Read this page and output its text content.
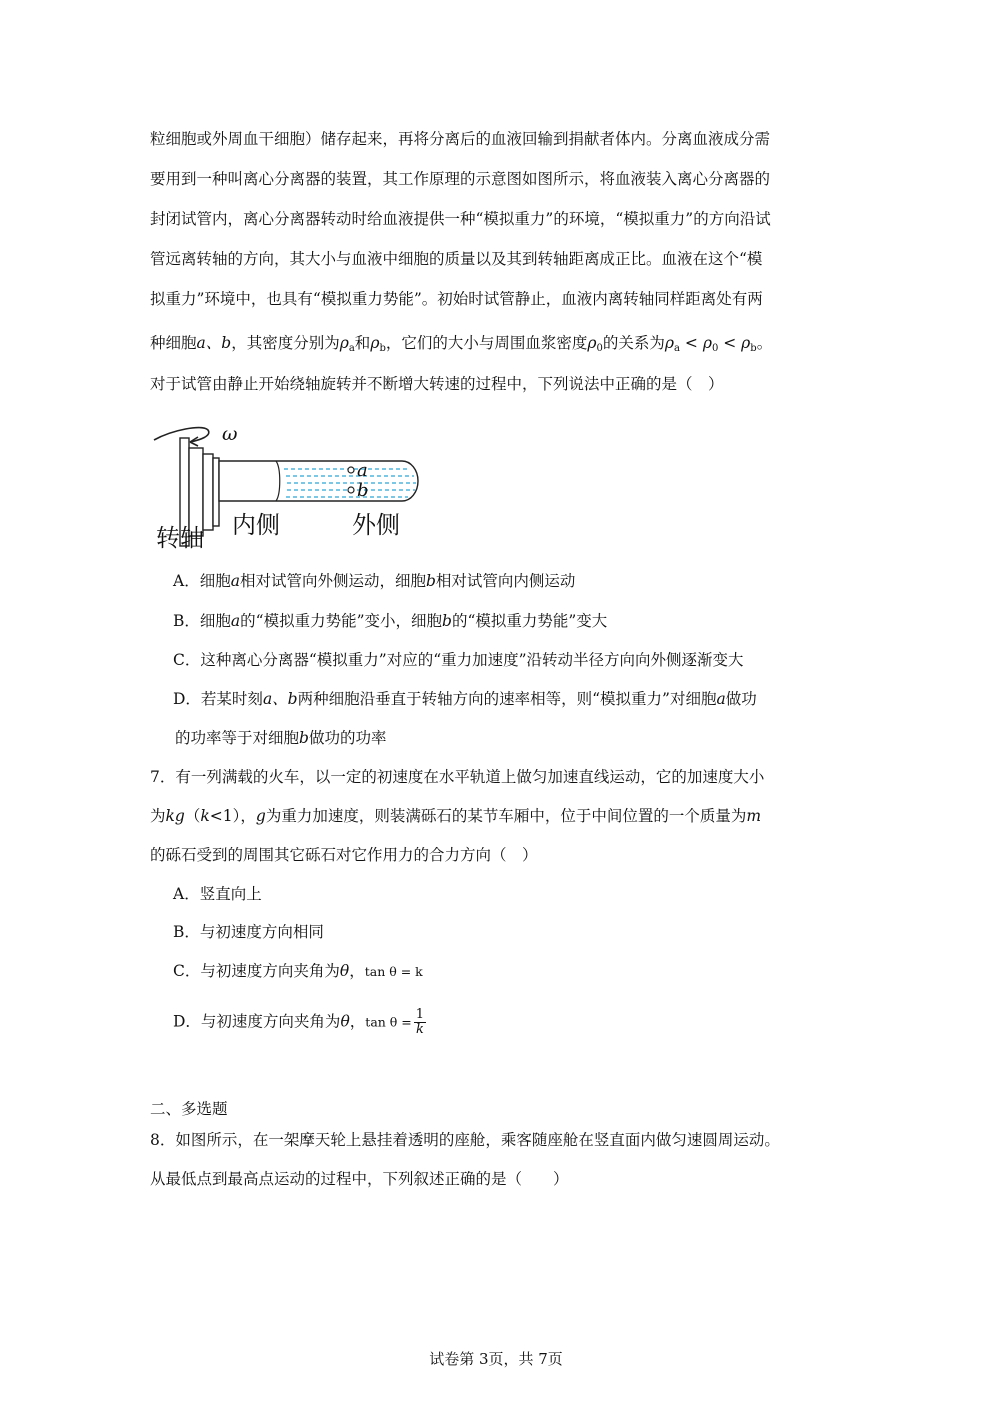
粒细胞或外周血干细胞）储存起来，再将分离后的血液回输到捐献者体内。分离血液成分需
要用到一种叫离心分离器的装置，其工作原理的示意图如图所示，将血液装入离心分离器的
封闭试管内，离心分离器转动时给血液提供一种“模拟重力”的环境，“模拟重力”的方向沿试
管远离转轴的方向，其大小与血液中细胞的质量以及其到转轴距离成正比。血液在这个“模
拟重力”环境中，也具有“模拟重力势能”。初始时试管静止，血液内离转轴同样距离处有两
种细胞a、b，其密度分别为$\rho_a$和$\rho_b$，它们的大小与周围血浆密度$\rho_0$的关系为$\rho_a < \rho_0 < \rho_b$。
对于试管由静止开始绕轴旋转并不断增大转速的过程中，下列说法中正确的是（　）
ω
a
b
转轴 内侧	外侧
A．细胞a相对试管向外侧运动，细胞b相对试管向内侧运动
B．细胞a的“模拟重力势能”变小，细胞b的“模拟重力势能”变大
C．这种离心分离器“模拟重力”对应的“重力加速度”沿转动半径方向向外侧逐渐变大
D．若某时刻a、b两种细胞沿垂直于转轴方向的速率相等，则“模拟重力”对细胞a做功
的功率等于对细胞b做功的功率
7．有一列满载的火车，以一定的初速度在水平轨道上做匀加速直线运动，它的加速度大小
为kg（k<1），g为重力加速度，则装满砾石的某节车厢中，位于中间位置的一个质量为m
的砾石受到的周围其它砾石对它作用力的合力方向（　）
A．竖直向上
B．与初速度方向相同
C．与初速度方向夹角为θ，tan θ = k
D．与初速度方向夹角为θ，$\tan \theta = \frac{1}{k}$
二、多选题
8．如图所示，在一架摩天轮上悬挂着透明的座舱，乘客随座舱在竖直面内做匀速圆周运动。
从最低点到最高点运动的过程中，下列叙述正确的是（　　）
试卷第 3页，共 7页
